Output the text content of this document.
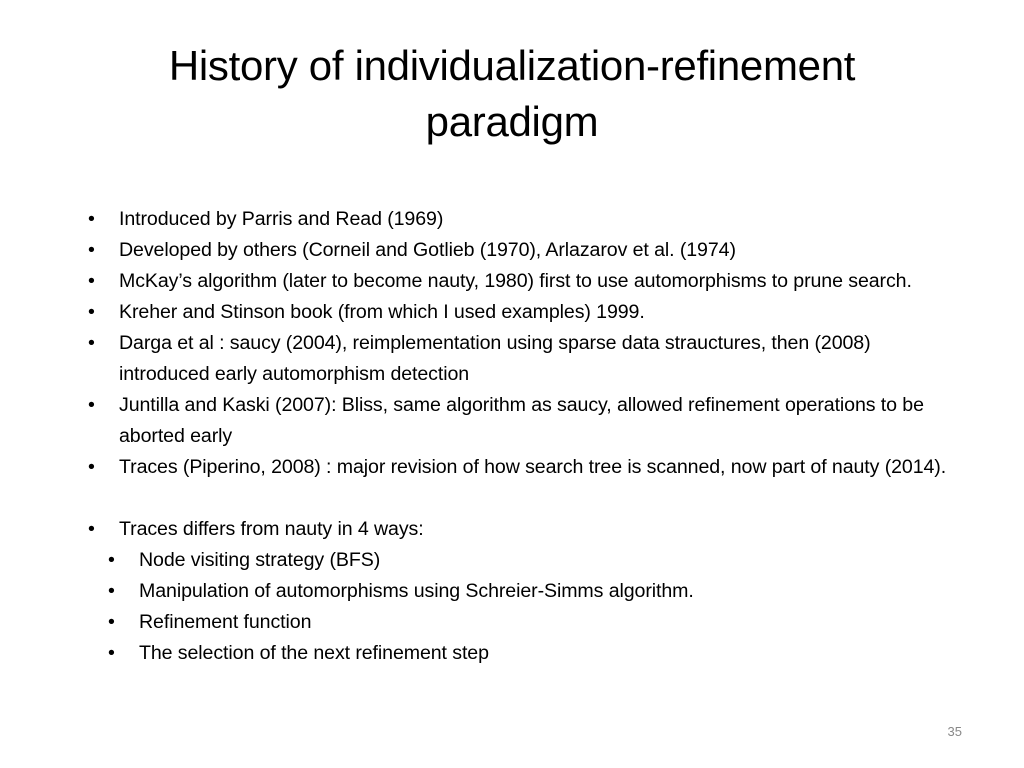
History of individualization-refinement
paradigm
•	Introduced by Parris and Read (1969)
•	Developed by others (Corneil and Gotlieb (1970), Arlazarov et al. (1974)
•	McKay’s algorithm (later to become nauty, 1980) first to use automorphisms to prune search.
•	Kreher and Stinson book (from which I used examples) 1999.
•	Darga et al : saucy (2004), reimplementation using sparse data strauctures, then (2008) introduced early automorphism detection
•	Juntilla and Kaski (2007): Bliss, same algorithm as saucy, allowed refinement operations to be aborted early
•	Traces (Piperino, 2008) : major revision of how search tree is scanned, now part of nauty (2014).
•	Traces differs from nauty in 4 ways:
•	Node visiting strategy (BFS)
•	Manipulation of automorphisms using Schreier-Simms algorithm.
•	Refinement function
•	The selection of the next refinement step
35
